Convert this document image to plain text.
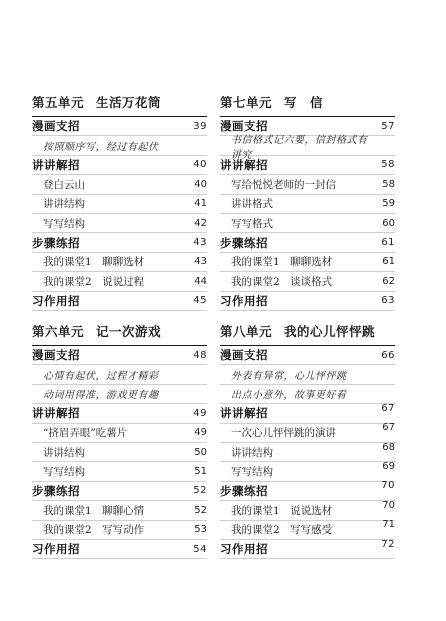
第五单元 生活万花筒
漫画支招	39
按照顺序写，经过有起伏
讲讲解招	40
登白云山	40
讲讲结构	41
写写结构	42
步骤练招	43
我的课堂1　聊聊选材	43
我的课堂2　说说过程	44
习作用招	45
第七单元 写　信
漫画支招	57
书信格式记六要，信封格式有讲究
讲讲解招	58
写给悦悦老师的一封信	58
讲讲格式	59
写写格式	60
步骤练招	61
我的课堂1　聊聊选材	61
我的课堂2　谈谈格式	62
习作用招	63
第六单元 记一次游戏
漫画支招	48
心情有起伏，过程才精彩
动词用得准，游戏更有趣
讲讲解招	49
“挤眉弄眼”吃薯片	49
讲讲结构	50
写写结构	51
步骤练招	52
我的课堂1　聊聊心情	52
我的课堂2　写写动作	53
习作用招	54
第八单元 我的心儿怦怦跳
漫画支招	66
外表有异常，心儿怦怦跳
出点小意外，故事更好看
讲讲解招	67
一次心儿怦怦跳的演讲	67
讲讲结构	68
写写结构	69
步骤练招	70
我的课堂1　说说选材	70
我的课堂2　写写感受	71
习作用招	72
